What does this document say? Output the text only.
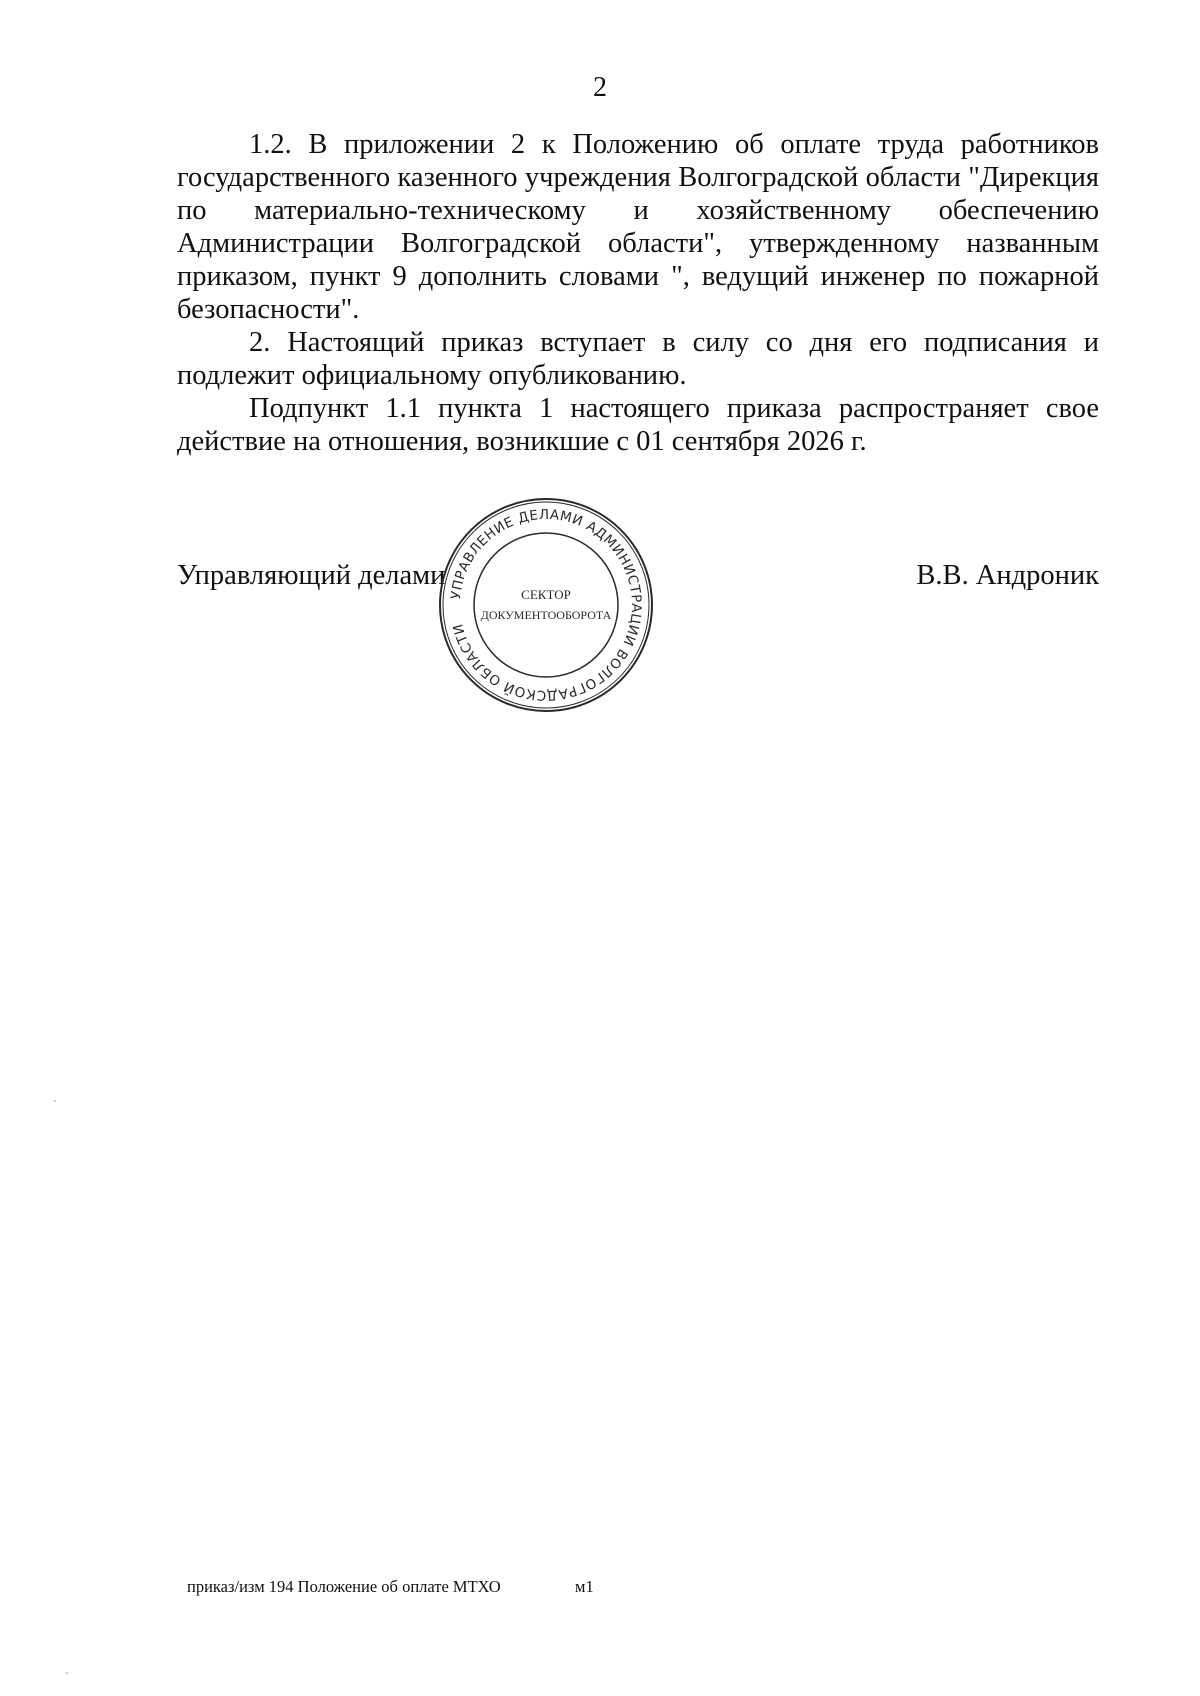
2

1.2. В приложении 2 к Положению об оплате труда работников государственного казенного учреждения Волгоградской области "Дирекция по материально-техническому и хозяйственному обеспечению Администрации Волгоградской области", утвержденному названным приказом, пункт 9 дополнить словами ", ведущий инженер по пожарной безопасности".

2. Настоящий приказ вступает в силу со дня его подписания и подлежит официальному опубликованию.

Подпункт 1.1 пункта 1 настоящего приказа распространяет свое действие на отношения, возникшие с 01 сентября 2026 г.

Управляющий делами	В.В. Андроник
УПРАВЛЕНИЕ ДЕЛАМИ АДМИНИСТРАЦИИ ВОЛГОГРАДСКОЙ ОБЛАСТИ
СЕКТОР
ДОКУМЕНТООБОРОТА
приказ/изм 194 Положение об оплате МТХО	м1
